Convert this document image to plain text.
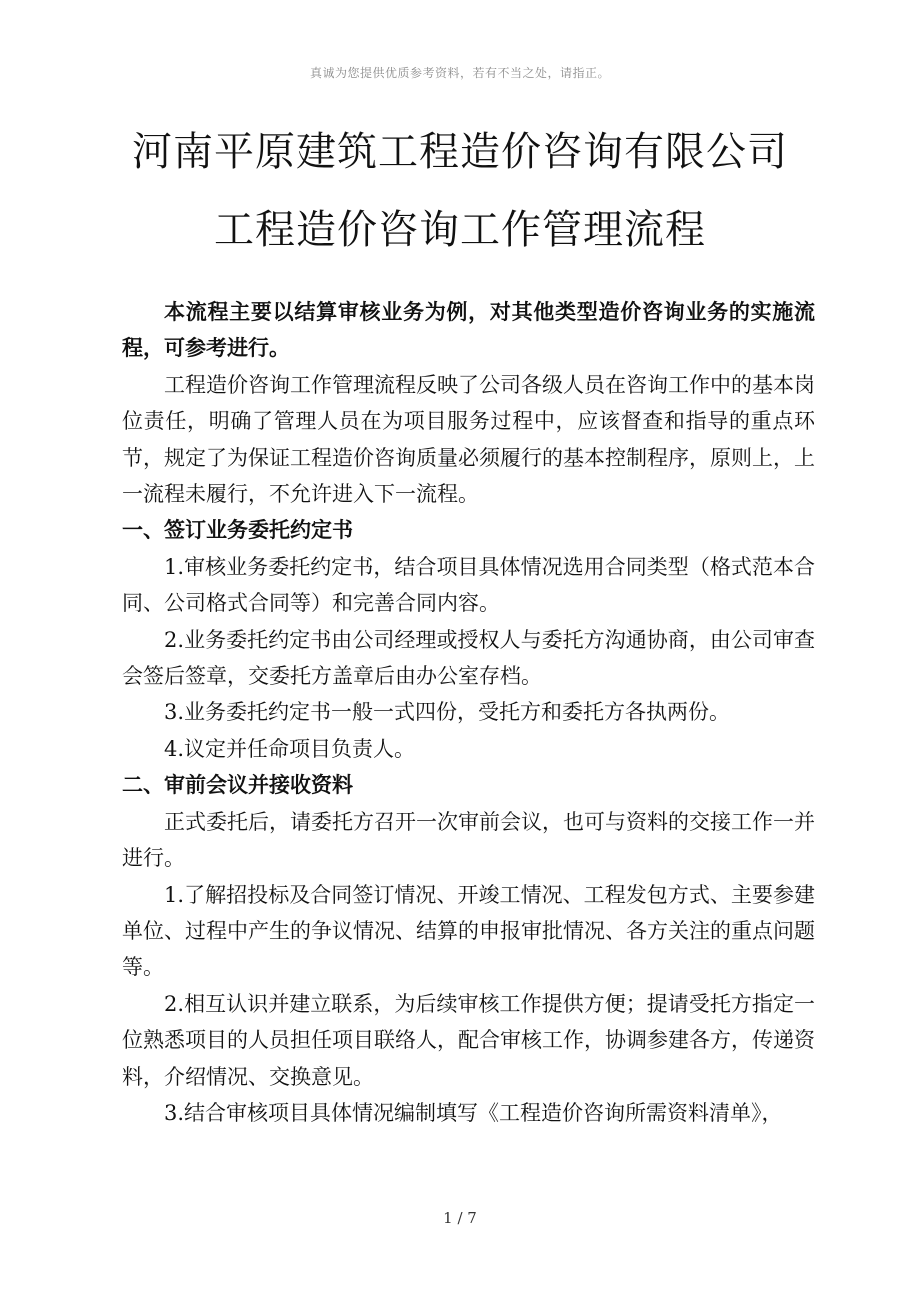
真诚为您提供优质参考资料，若有不当之处，请指正。
河南平原建筑工程造价咨询有限公司
工程造价咨询工作管理流程

本流程主要以结算审核业务为例，对其他类型造价咨询业务的实施流程，可参考进行。

工程造价咨询工作管理流程反映了公司各级人员在咨询工作中的基本岗位责任，明确了管理人员在为项目服务过程中，应该督查和指导的重点环节，规定了为保证工程造价咨询质量必须履行的基本控制程序，原则上，上一流程未履行，不允许进入下一流程。

一、签订业务委托约定书

1.审核业务委托约定书，结合项目具体情况选用合同类型（格式范本合同、公司格式合同等）和完善合同内容。

2.业务委托约定书由公司经理或授权人与委托方沟通协商，由公司审查会签后签章，交委托方盖章后由办公室存档。

3.业务委托约定书一般一式四份，受托方和委托方各执两份。

4.议定并任命项目负责人。

二、审前会议并接收资料

正式委托后，请委托方召开一次审前会议，也可与资料的交接工作一并进行。

1.了解招投标及合同签订情况、开竣工情况、工程发包方式、主要参建单位、过程中产生的争议情况、结算的申报审批情况、各方关注的重点问题等。

2.相互认识并建立联系，为后续审核工作提供方便；提请受托方指定一位熟悉项目的人员担任项目联络人，配合审核工作，协调参建各方，传递资料，介绍情况、交换意见。

3.结合审核项目具体情况编制填写《工程造价咨询所需资料清单》，

1 / 7
